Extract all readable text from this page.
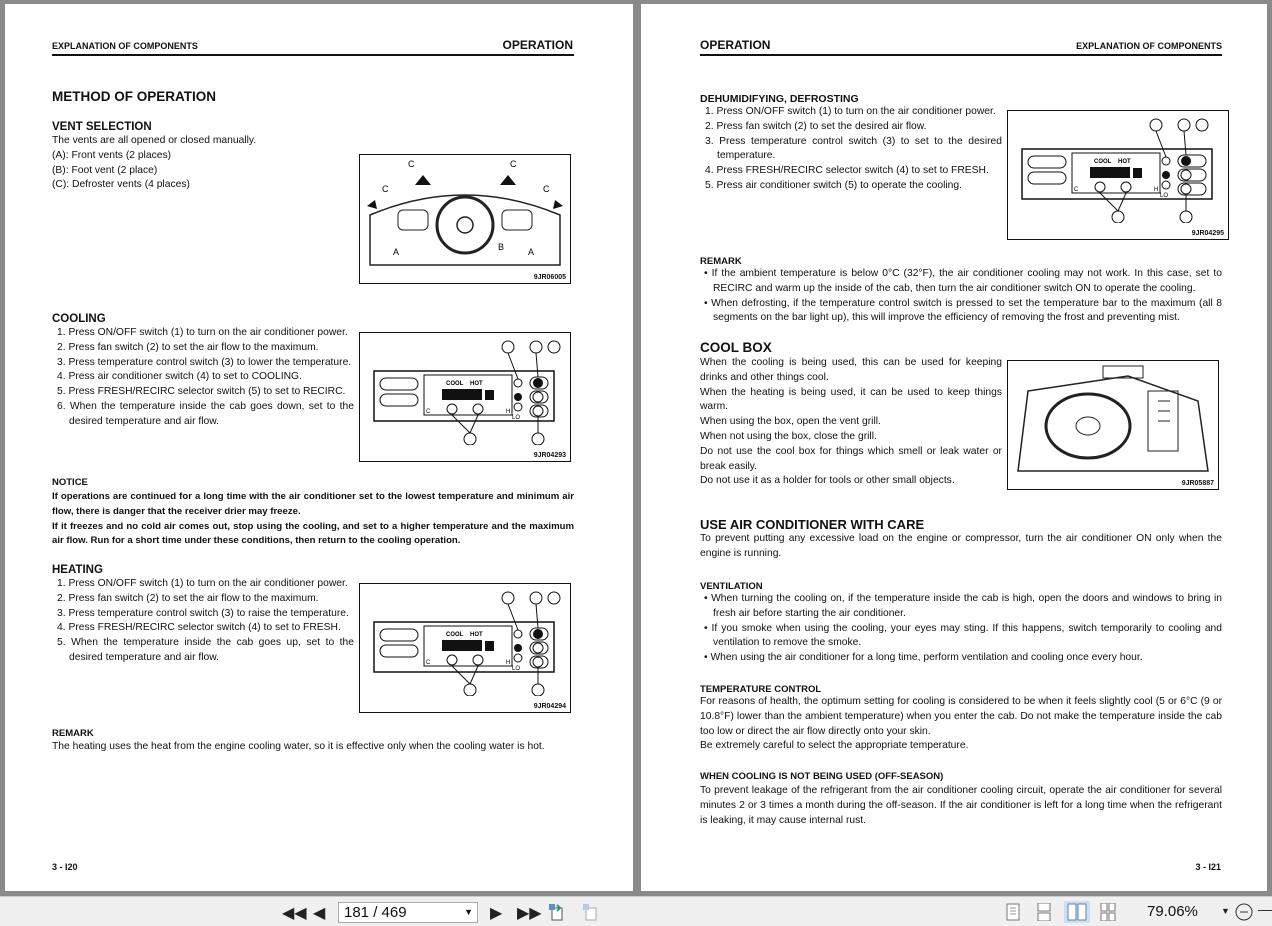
EXPLANATION OF COMPONENTS	OPERATION
METHOD OF OPERATION
VENT SELECTION
The vents are all opened or closed manually.
(A): Front vents (2 places)
(B): Foot vent (2 place)
(C): Defroster vents (4 places)
C	C
C	C
A	B	A
9JR06005
COOLING
1. Press ON/OFF switch (1) to turn on the air conditioner power.
2. Press fan switch (2) to set the air flow to the maximum.
3. Press temperature control switch (3) to lower the temperature.
4. Press air conditioner switch (4) to set to COOLING.
5. Press FRESH/RECIRC selector switch (5) to set to RECIRC.
6. When the temperature inside the cab goes down, set to the desired temperature and air flow.
COOL HOT
C	H
LO
9JR04293
NOTICE
If operations are continued for a long time with the air conditioner set to the lowest temperature and minimum air flow, there is danger that the receiver drier may freeze.
If it freezes and no cold air comes out, stop using the cooling, and set to a higher temperature and the maximum air flow. Run for a short time under these conditions, then return to the cooling operation.
HEATING
1. Press ON/OFF switch (1) to turn on the air conditioner power.
2. Press fan switch (2) to set the air flow to the maximum.
3. Press temperature control switch (3) to raise the temperature.
4. Press FRESH/RECIRC selector switch (4) to set to FRESH.
5. When the temperature inside the cab goes up, set to the desired temperature and air flow.
COOL HOT
C	H
LO
9JR04294
REMARK
The heating uses the heat from the engine cooling water, so it is effective only when the cooling water is hot.
3 - I20
OPERATION	EXPLANATION OF COMPONENTS
DEHUMIDIFYING, DEFROSTING
1. Press ON/OFF switch (1) to turn on the air conditioner power.
2. Press fan switch (2) to set the desired air flow.
3. Press temperature control switch (3) to set to the desired temperature.
4. Press FRESH/RECIRC selector switch (4) to set to FRESH.
5. Press air conditioner switch (5) to operate the cooling.
COOL HOT
C	H
LO
9JR04295
REMARK
• If the ambient temperature is below 0°C (32°F), the air conditioner cooling may not work. In this case, set to RECIRC and warm up the inside of the cab, then turn the air conditioner switch ON to operate the cooling.
• When defrosting, if the temperature control switch is pressed to set the temperature bar to the maximum (all 8 segments on the bar light up), this will improve the efficiency of removing the frost and preventing mist.
COOL BOX
When the cooling is being used, this can be used for keeping drinks and other things cool.
When the heating is being used, it can be used to keep things warm.
When using the box, open the vent grill.
When not using the box, close the grill.
Do not use the cool box for things which smell or leak water or break easily.
Do not use it as a holder for tools or other small objects.	9JR05887
USE AIR CONDITIONER WITH CARE
To prevent putting any excessive load on the engine or compressor, turn the air conditioner ON only when the engine is running.
VENTILATION
• When turning the cooling on, if the temperature inside the cab is high, open the doors and windows to bring in fresh air before starting the air conditioner.
• If you smoke when using the cooling, your eyes may sting. If this happens, switch temporarily to cooling and ventilation to remove the smoke.
• When using the air conditioner for a long time, perform ventilation and cooling once every hour.
TEMPERATURE CONTROL
For reasons of health, the optimum setting for cooling is considered to be when it feels slightly cool (5 or 6°C (9 or 10.8°F) lower than the ambient temperature) when you enter the cab. Do not make the temperature inside the cab too low or direct the air flow directly onto your skin.
Be extremely careful to select the appropriate temperature.
WHEN COOLING IS NOT BEING USED (OFF-SEASON)
To prevent leakage of the refrigerant from the air conditioner cooling circuit, operate the air conditioner for several minutes 2 or 3 times a month during the off-season. If the air conditioner is left for a long time when the refrigerant is leaking, it may cause internal rust.
3 - I21
◀◀ ◀	181 / 469	▼ ▶ ▶▶	79.06%	▼
